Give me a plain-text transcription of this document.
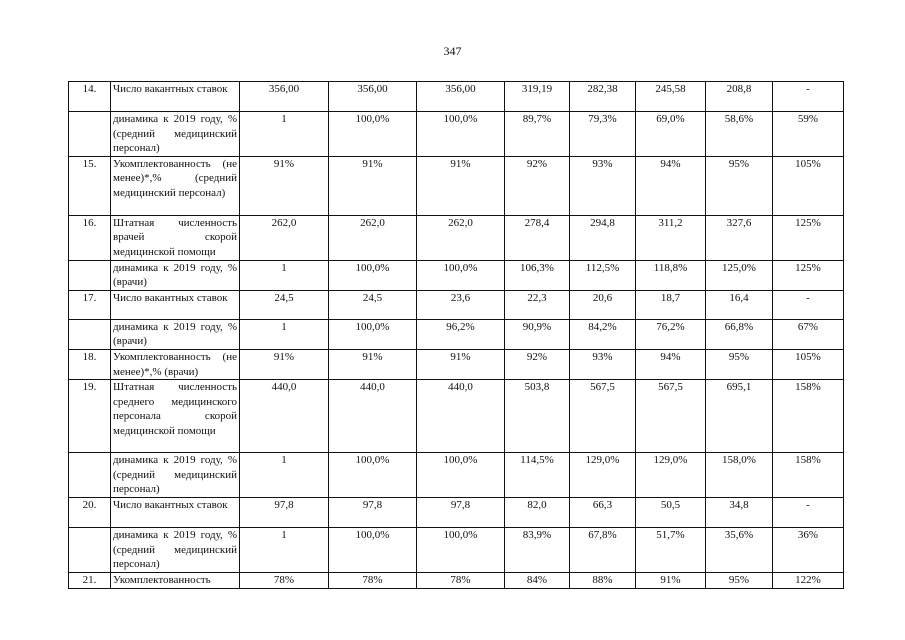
347
14.	Число вакантных ставок	356,00	356,00	356,00	319,19	282,38	245,58	208,8	-
	динамика к 2019 году, % (средний медицинский персонал)	1	100,0%	100,0%	89,7%	79,3%	69,0%	58,6%	59%
15.	Укомплектованность (не менее)*,% (средний медицинский персонал)	91%	91%	91%	92%	93%	94%	95%	105%
16.	Штатная численность врачей скорой медицинской помощи	262,0	262,0	262,0	278,4	294,8	311,2	327,6	125%
	динамика к 2019 году, % (врачи)	1	100,0%	100,0%	106,3%	112,5%	118,8%	125,0%	125%
17.	Число вакантных ставок	24,5	24,5	23,6	22,3	20,6	18,7	16,4	-
	динамика к 2019 году, % (врачи)	1	100,0%	96,2%	90,9%	84,2%	76,2%	66,8%	67%
18.	Укомплектованность (не менее)*,% (врачи)	91%	91%	91%	92%	93%	94%	95%	105%
19.	Штатная численность среднего медицинского персонала скорой медицинской помощи	440,0	440,0	440,0	503,8	567,5	567,5	695,1	158%
	динамика к 2019 году, % (средний медицинский персонал)	1	100,0%	100,0%	114,5%	129,0%	129,0%	158,0%	158%
20.	Число вакантных ставок	97,8	97,8	97,8	82,0	66,3	50,5	34,8	-
	динамика к 2019 году, % (средний медицинский персонал)	1	100,0%	100,0%	83,9%	67,8%	51,7%	35,6%	36%
21.	Укомплектованность	78%	78%	78%	84%	88%	91%	95%	122%
